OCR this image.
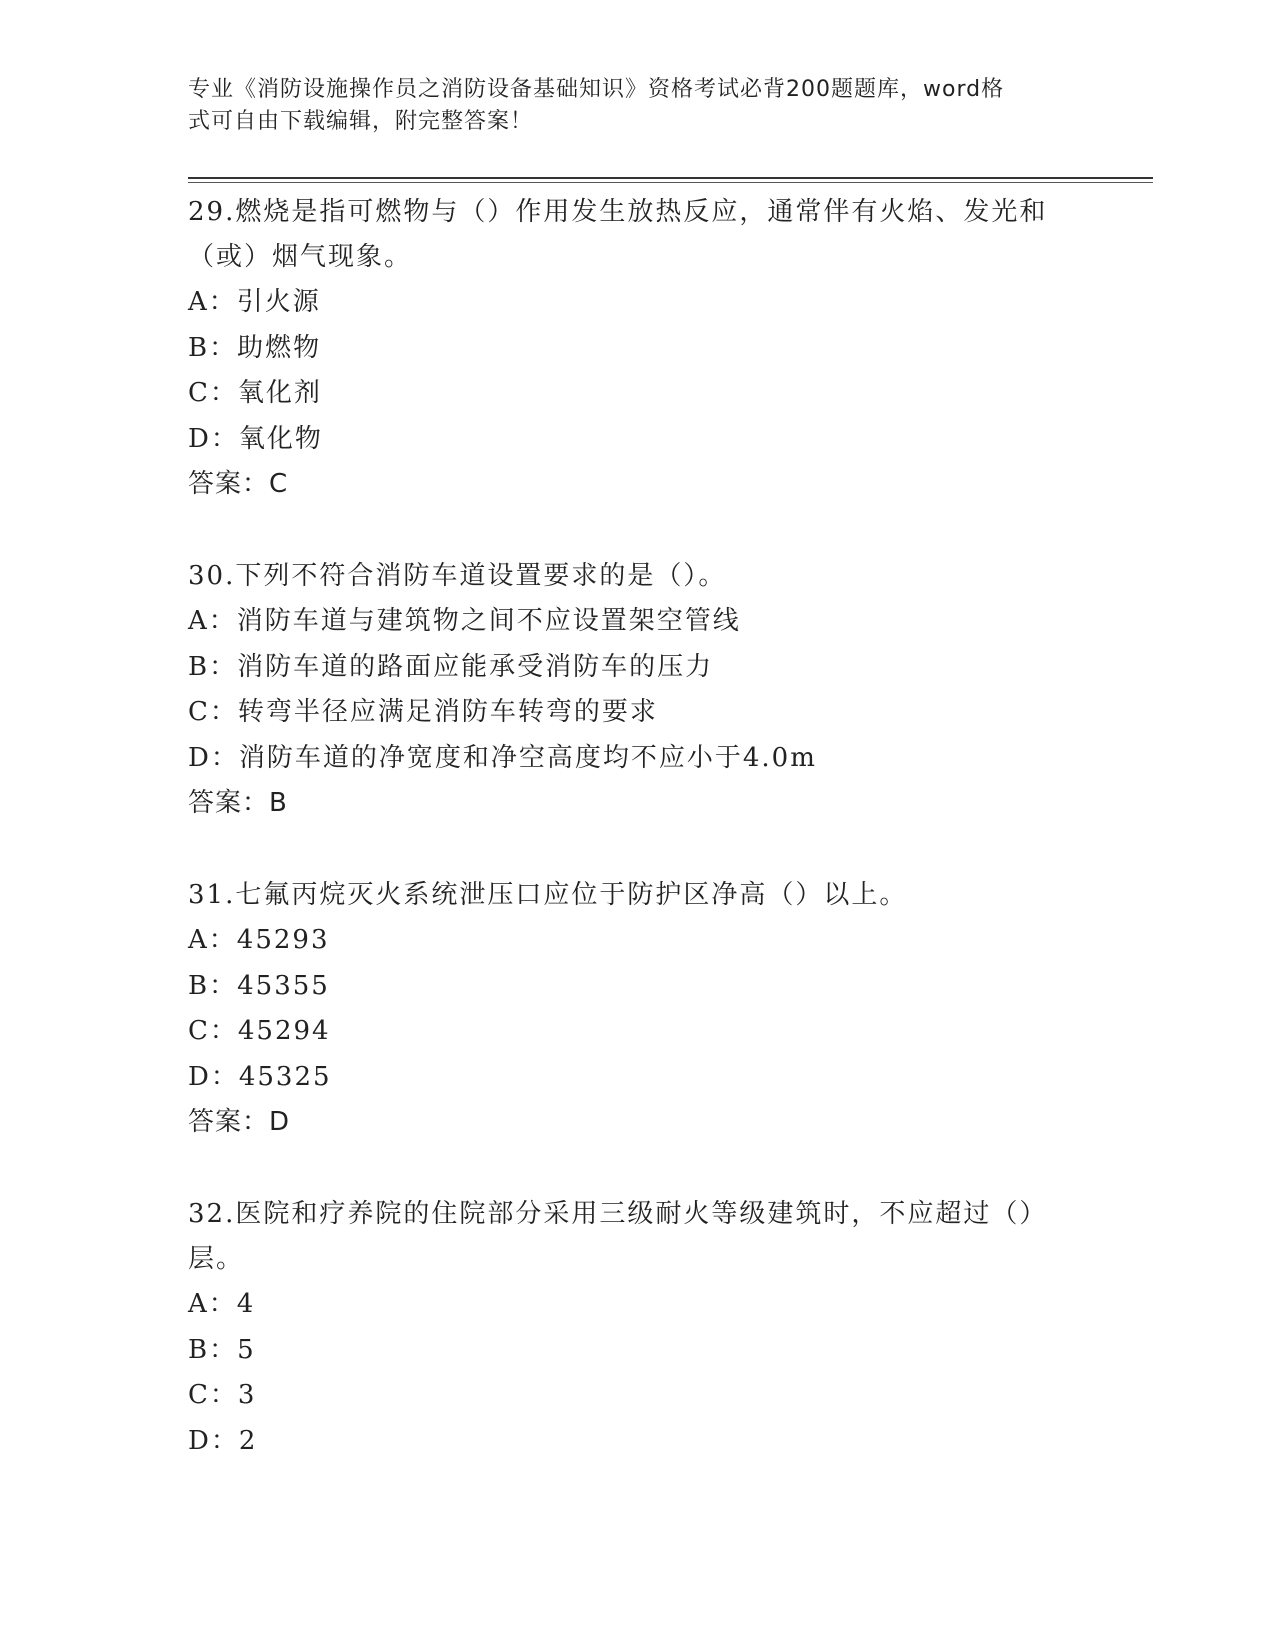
专业《消防设施操作员之消防设备基础知识》资格考试必背200题题库，word格
式可自由下载编辑，附完整答案！

29.燃烧是指可燃物与（）作用发生放热反应，通常伴有火焰、发光和（或）烟气现象。

A：引火源

B：助燃物

C：氧化剂

D：氧化物

答案：C

30.下列不符合消防车道设置要求的是（）。

A：消防车道与建筑物之间不应设置架空管线

B：消防车道的路面应能承受消防车的压力

C：转弯半径应满足消防车转弯的要求

D：消防车道的净宽度和净空高度均不应小于4.0m

答案：B

31.七氟丙烷灭火系统泄压口应位于防护区净高（）以上。

A：45293

B：45355

C：45294

D：45325

答案：D

32.医院和疗养院的住院部分采用三级耐火等级建筑时，不应超过（）层。

A：4

B：5

C：3

D：2
